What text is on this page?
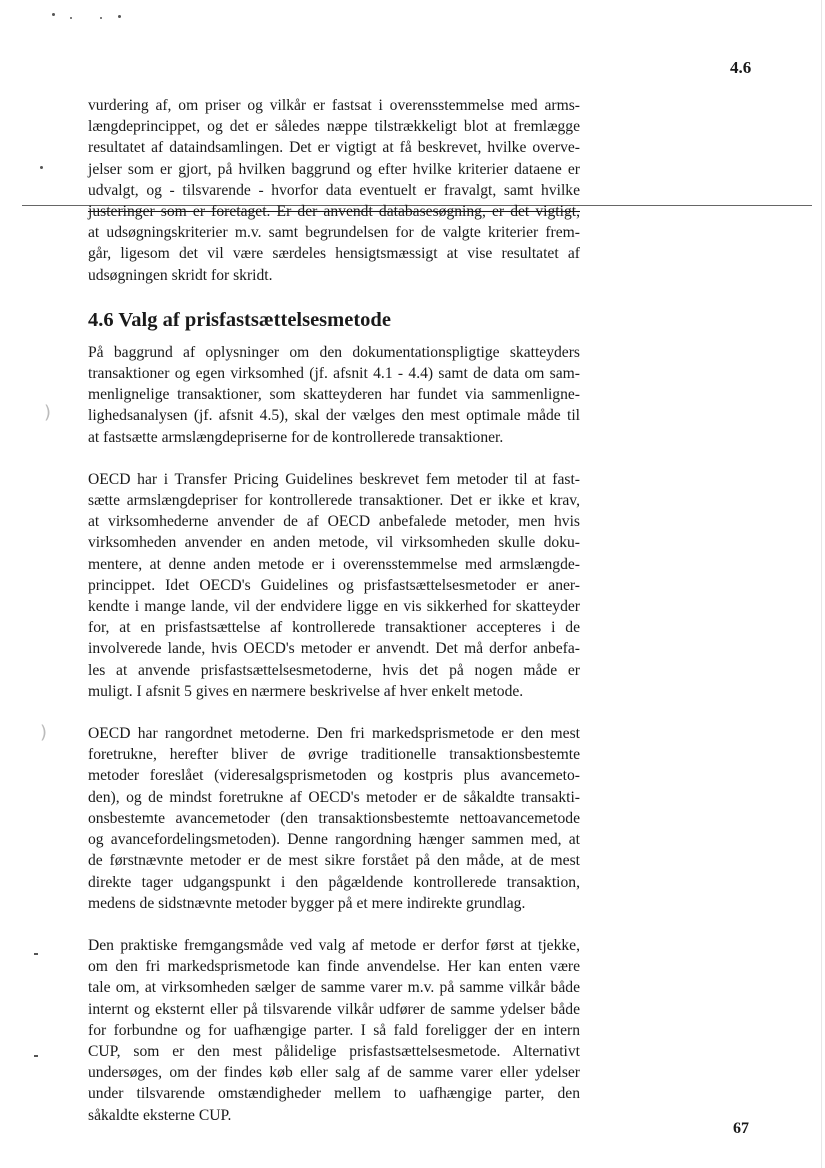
)
)
4.6
vurdering af, om priser og vilkår er fastsat i overensstemmelse med arms-
længdeprincippet, og det er således næppe tilstrækkeligt blot at fremlægge
resultatet af dataindsamlingen. Det er vigtigt at få beskrevet, hvilke overve-
jelser som er gjort, på hvilken baggrund og efter hvilke kriterier dataene er
udvalgt, og - tilsvarende - hvorfor data eventuelt er fravalgt, samt hvilke
justeringer som er foretaget. Er der anvendt databasesøgning, er det vigtigt,
at udsøgningskriterier m.v. samt begrundelsen for de valgte kriterier frem-
går, ligesom det vil være særdeles hensigtsmæssigt at vise resultatet af
udsøgningen skridt for skridt.
4.6 Valg af prisfastsættelsesmetode
På baggrund af oplysninger om den dokumentationspligtige skatteyders
transaktioner og egen virksomhed (jf. afsnit 4.1 - 4.4) samt de data om sam-
menlignelige transaktioner, som skatteyderen har fundet via sammenligne-
lighedsanalysen (jf. afsnit 4.5), skal der vælges den mest optimale måde til
at fastsætte armslængdepriserne for de kontrollerede transaktioner.
OECD har i Transfer Pricing Guidelines beskrevet fem metoder til at fast-
sætte armslængdepriser for kontrollerede transaktioner. Det er ikke et krav,
at virksomhederne anvender de af OECD anbefalede metoder, men hvis
virksomheden anvender en anden metode, vil virksomheden skulle doku-
mentere, at denne anden metode er i overensstemmelse med armslængde-
princippet. Idet OECD's Guidelines og prisfastsættelsesmetoder er aner-
kendte i mange lande, vil der endvidere ligge en vis sikkerhed for skatteyder
for, at en prisfastsættelse af kontrollerede transaktioner accepteres i de
involverede lande, hvis OECD's metoder er anvendt. Det må derfor anbefa-
les at anvende prisfastsættelsesmetoderne, hvis det på nogen måde er
muligt. I afsnit 5 gives en nærmere beskrivelse af hver enkelt metode.
OECD har rangordnet metoderne. Den fri markedsprismetode er den mest
foretrukne, herefter bliver de øvrige traditionelle transaktionsbestemte
metoder foreslået (videresalgsprismetoden og kostpris plus avancemeto-
den), og de mindst foretrukne af OECD's metoder er de såkaldte transakti-
onsbestemte avancemetoder (den transaktionsbestemte nettoavancemetode
og avancefordelingsmetoden). Denne rangordning hænger sammen med, at
de førstnævnte metoder er de mest sikre forstået på den måde, at de mest
direkte tager udgangspunkt i den pågældende kontrollerede transaktion,
medens de sidstnævnte metoder bygger på et mere indirekte grundlag.
Den praktiske fremgangsmåde ved valg af metode er derfor først at tjekke,
om den fri markedsprismetode kan finde anvendelse. Her kan enten være
tale om, at virksomheden sælger de samme varer m.v. på samme vilkår både
internt og eksternt eller på tilsvarende vilkår udfører de samme ydelser både
for forbundne og for uafhængige parter. I så fald foreligger der en intern
CUP, som er den mest pålidelige prisfastsættelsesmetode. Alternativt
undersøges, om der findes køb eller salg af de samme varer eller ydelser
under tilsvarende omstændigheder mellem to uafhængige parter, den
såkaldte eksterne CUP.
67
